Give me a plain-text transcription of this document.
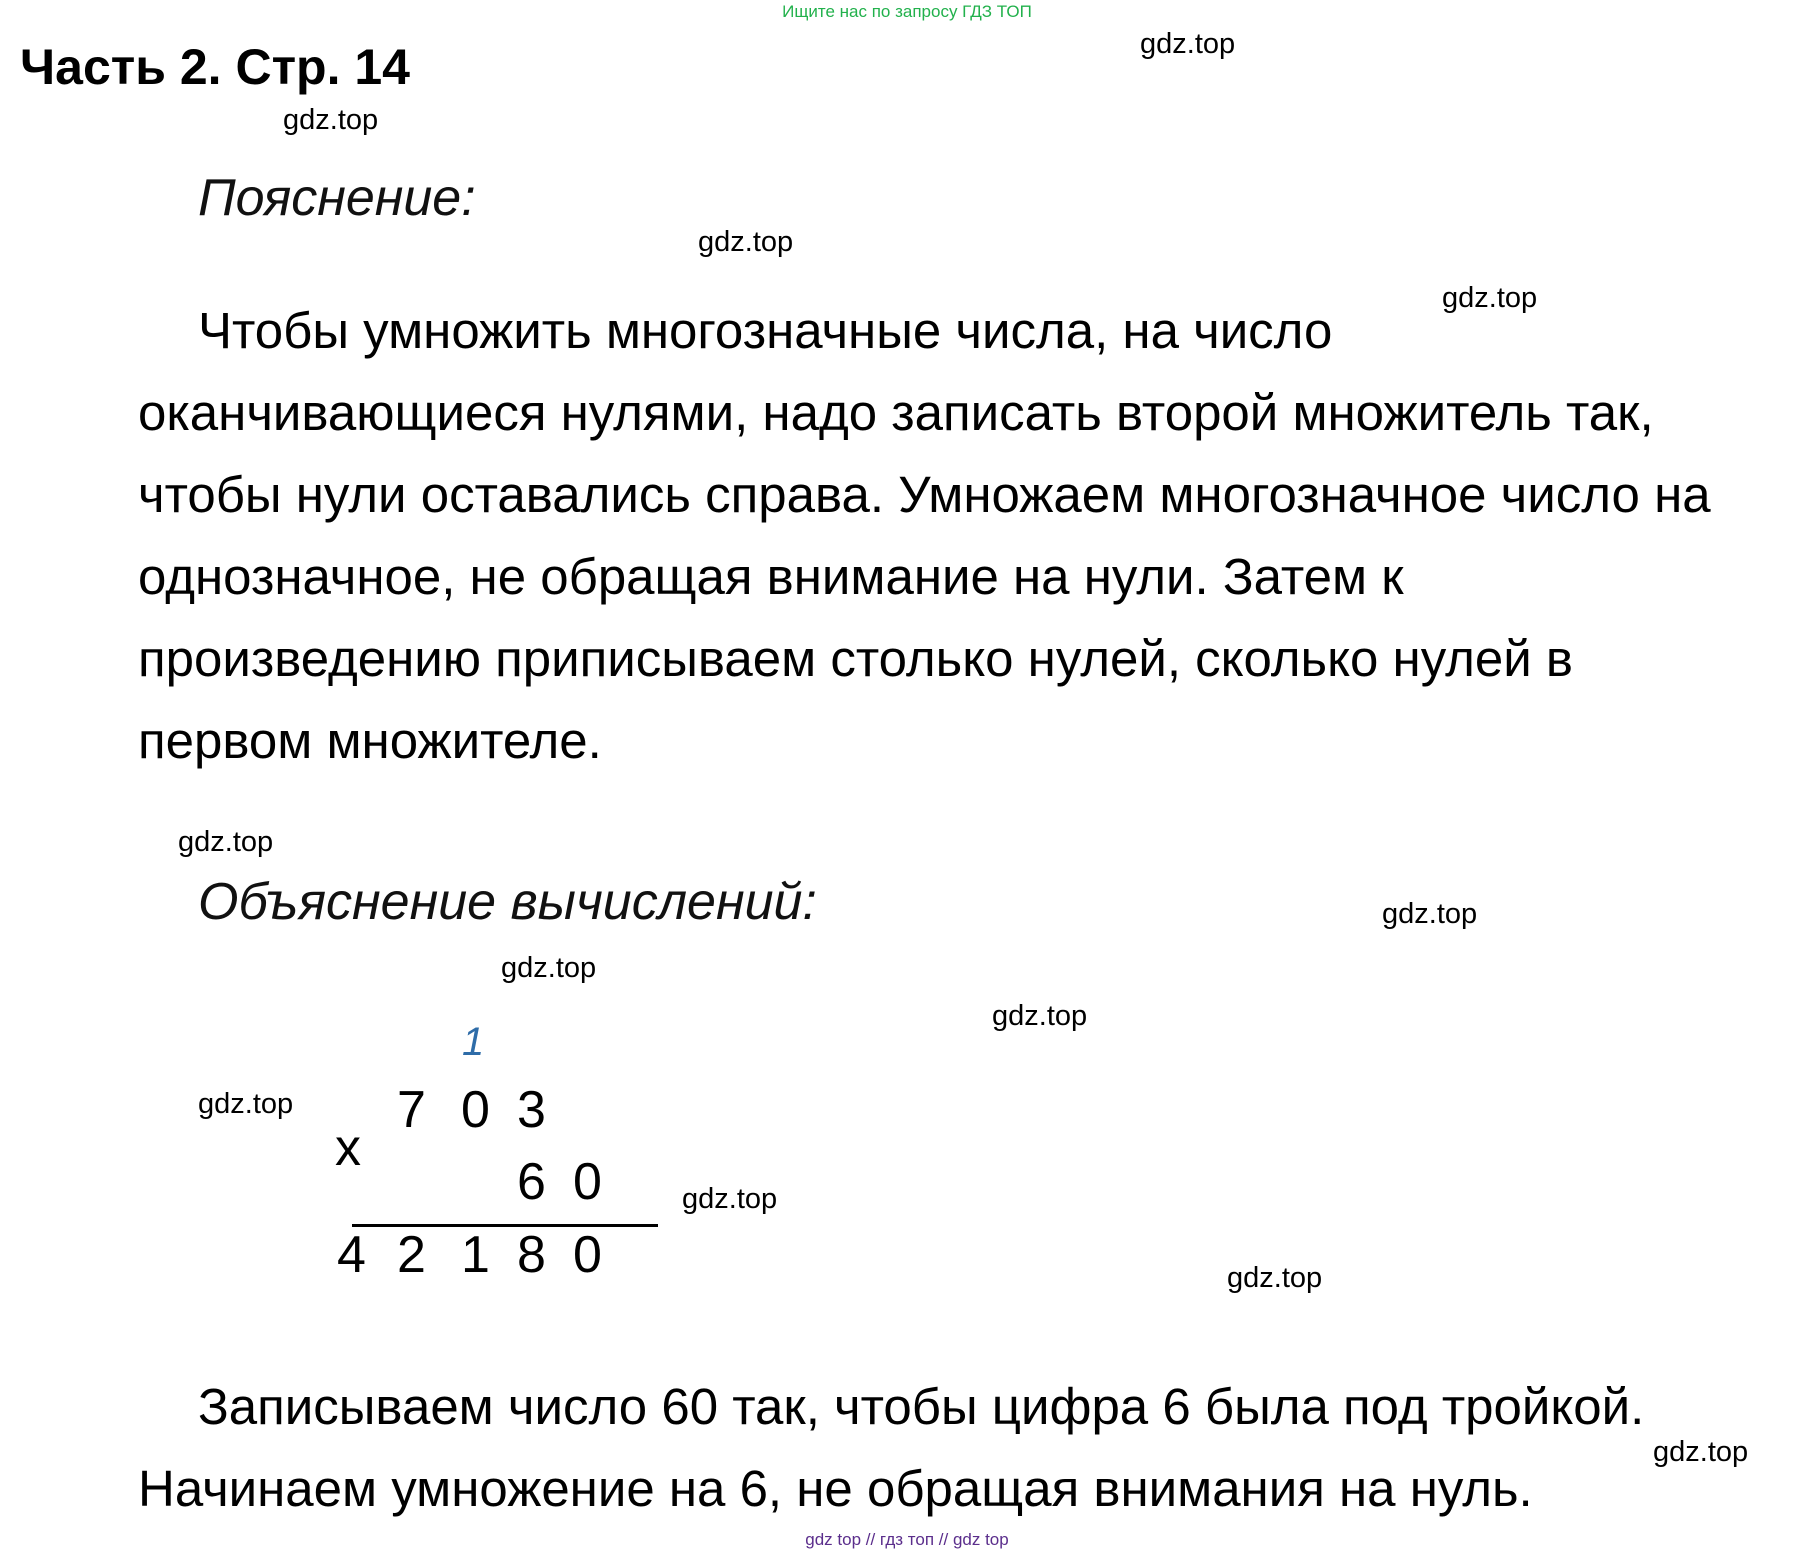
Ищите нас по запросу ГДЗ ТОП
Часть 2. Стр. 14	gdz.top
gdz.top
gdz.top
gdz.top
gdz.top
gdz.top
gdz.top
gdz.top
gdz.top
gdz.top
gdz.top
gdz.top
Пояснение:
Чтобы умножить многозначные числа, на число
оканчивающиеся нулями, надо записать второй множитель так,
чтобы нули оставались справа. Умножаем многозначное число на
однозначное, не обращая внимание на нули. Затем к
произведению приписываем столько нулей, сколько нулей в
первом множителе.
Объяснение вычислений:
1
7 0 3
x
6 0
4 2 1 8 0
Записываем число 60 так, чтобы цифра 6 была под тройкой.
Начинаем умножение на 6, не обращая внимания на нуль.
gdz top // гдз топ // gdz top
